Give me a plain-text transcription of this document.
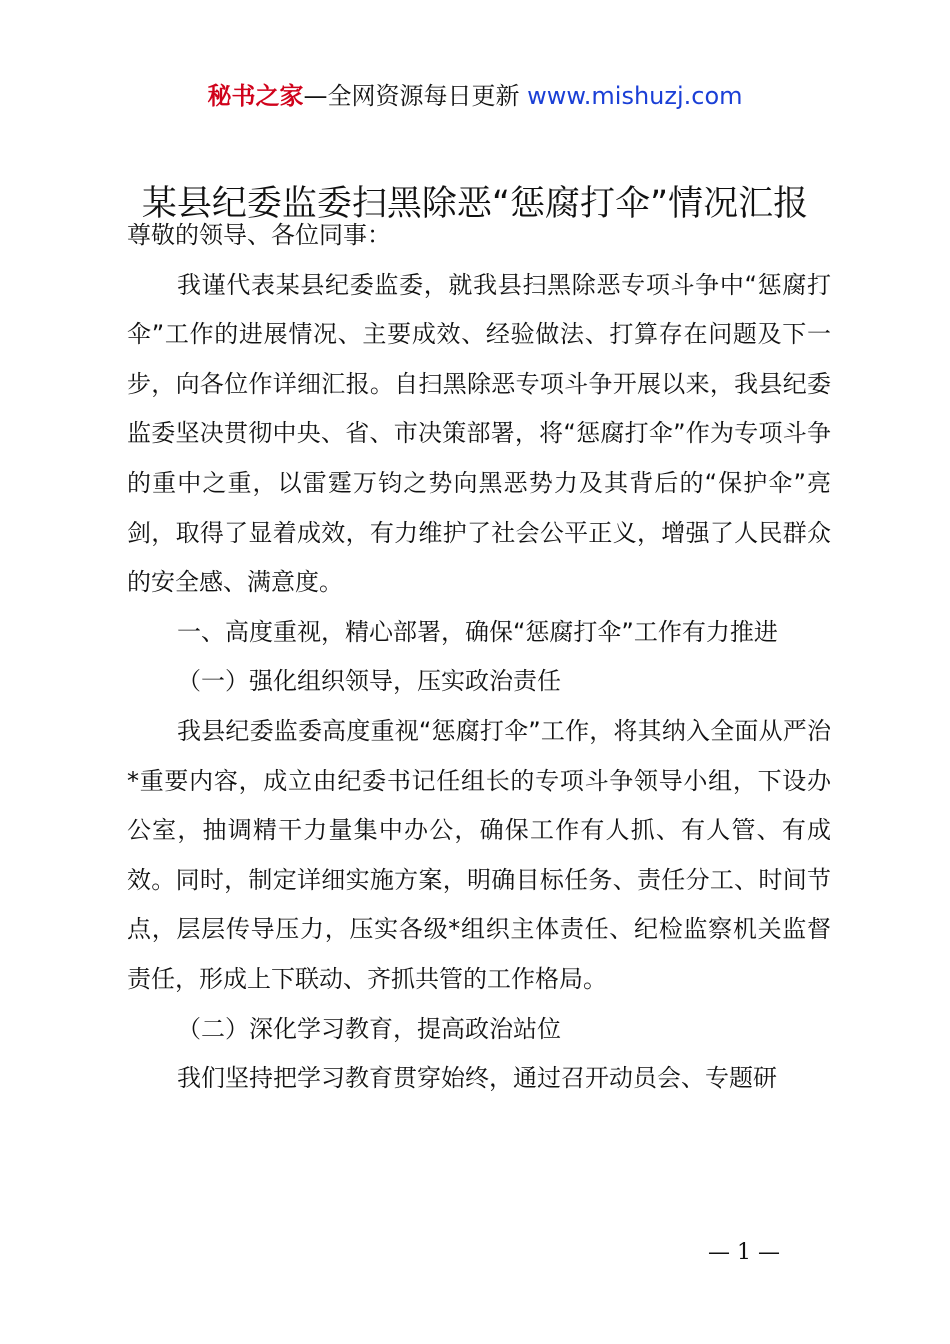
秘书之家—全网资源每日更新 www.mishuzj.com
某县纪委监委扫黑除恶“惩腐打伞”情况汇报

尊敬的领导、各位同事：

我谨代表某县纪委监委，就我县扫黑除恶专项斗争中“惩腐打伞”工作的进展情况、主要成效、经验做法、打算存在问题及下一步，向各位作详细汇报。自扫黑除恶专项斗争开展以来，我县纪委监委坚决贯彻中央、省、市决策部署，将“惩腐打伞”作为专项斗争的重中之重，以雷霆万钧之势向黑恶势力及其背后的“保护伞”亮剑，取得了显着成效，有力维护了社会公平正义，增强了人民群众的安全感、满意度。

一、高度重视，精心部署，确保“惩腐打伞”工作有力推进

（一）强化组织领导，压实政治责任

我县纪委监委高度重视“惩腐打伞”工作，将其纳入全面从严治*重要内容，成立由纪委书记任组长的专项斗争领导小组，下设办公室，抽调精干力量集中办公，确保工作有人抓、有人管、有成效。同时，制定详细实施方案，明确目标任务、责任分工、时间节点，层层传导压力，压实各级*组织主体责任、纪检监察机关监督责任，形成上下联动、齐抓共管的工作格局。

（二）深化学习教育，提高政治站位

我们坚持把学习教育贯穿始终，通过召开动员会、专题研

— 1 —
